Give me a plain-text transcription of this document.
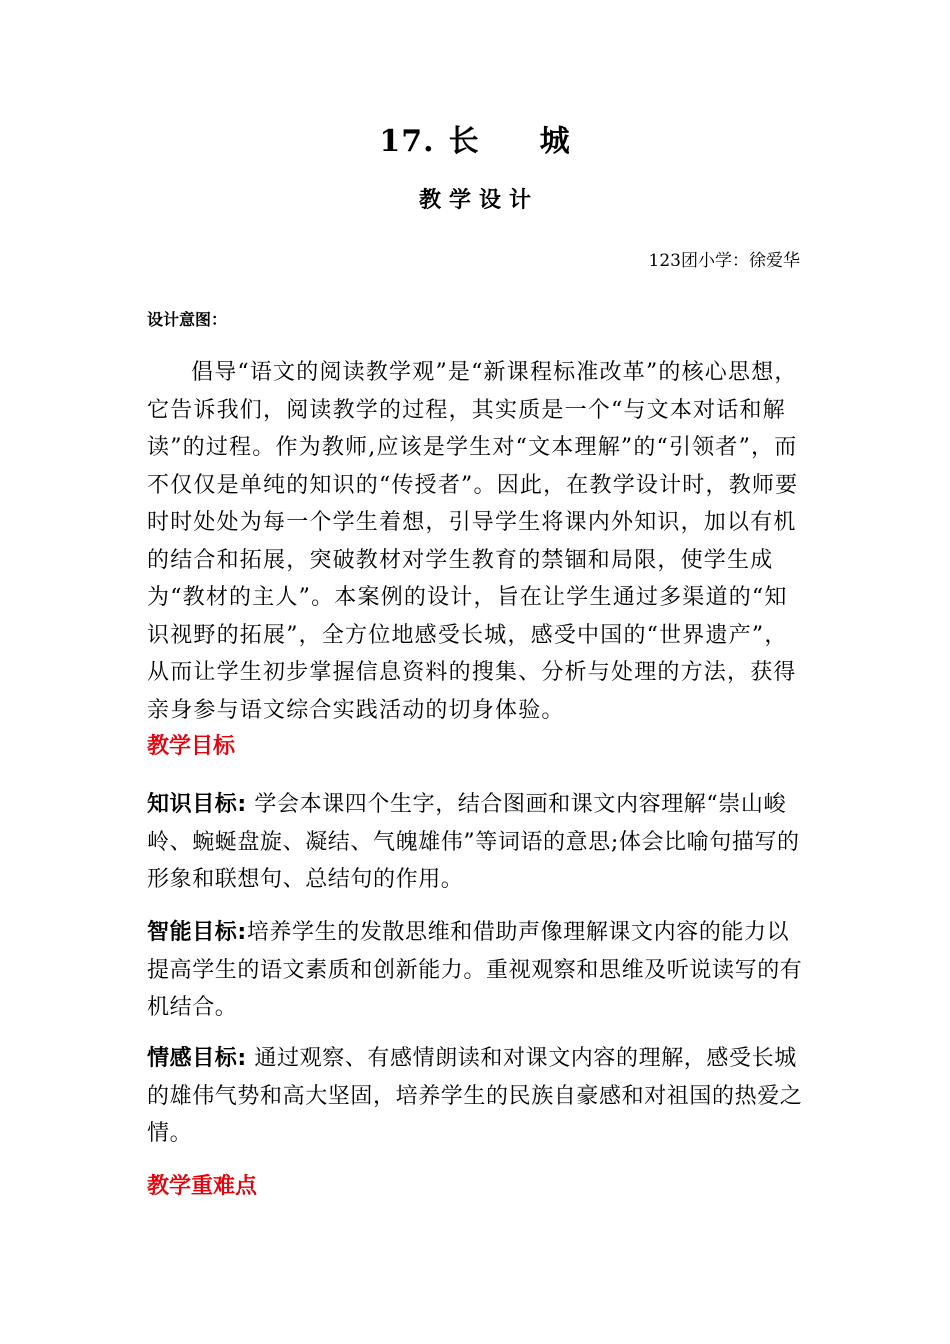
17. 长 城
教学设计
123团小学：徐爱华
设计意图：

倡导“语文的阅读教学观”是“新课程标准改革”的核心思想，它告诉我们，阅读教学的过程，其实质是一个“与文本对话和解读”的过程。作为教师,应该是学生对“文本理解”的“引领者”，而不仅仅是单纯的知识的“传授者”。因此，在教学设计时，教师要时时处处为每一个学生着想，引导学生将课内外知识，加以有机的结合和拓展，突破教材对学生教育的禁锢和局限，使学生成为“教材的主人”。本案例的设计，旨在让学生通过多渠道的“知识视野的拓展”，全方位地感受长城，感受中国的“世界遗产”，从而让学生初步掌握信息资料的搜集、分析与处理的方法，获得亲身参与语文综合实践活动的切身体验。

教学目标

知识目标: 学会本课四个生字，结合图画和课文内容理解“崇山峻岭、蜿蜒盘旋、凝结、气魄雄伟”等词语的意思;体会比喻句描写的形象和联想句、总结句的作用。

智能目标:培养学生的发散思维和借助声像理解课文内容的能力以提高学生的语文素质和创新能力。重视观察和思维及听说读写的有机结合。

情感目标: 通过观察、有感情朗读和对课文内容的理解，感受长城的雄伟气势和高大坚固，培养学生的民族自豪感和对祖国的热爱之情。

教学重难点
